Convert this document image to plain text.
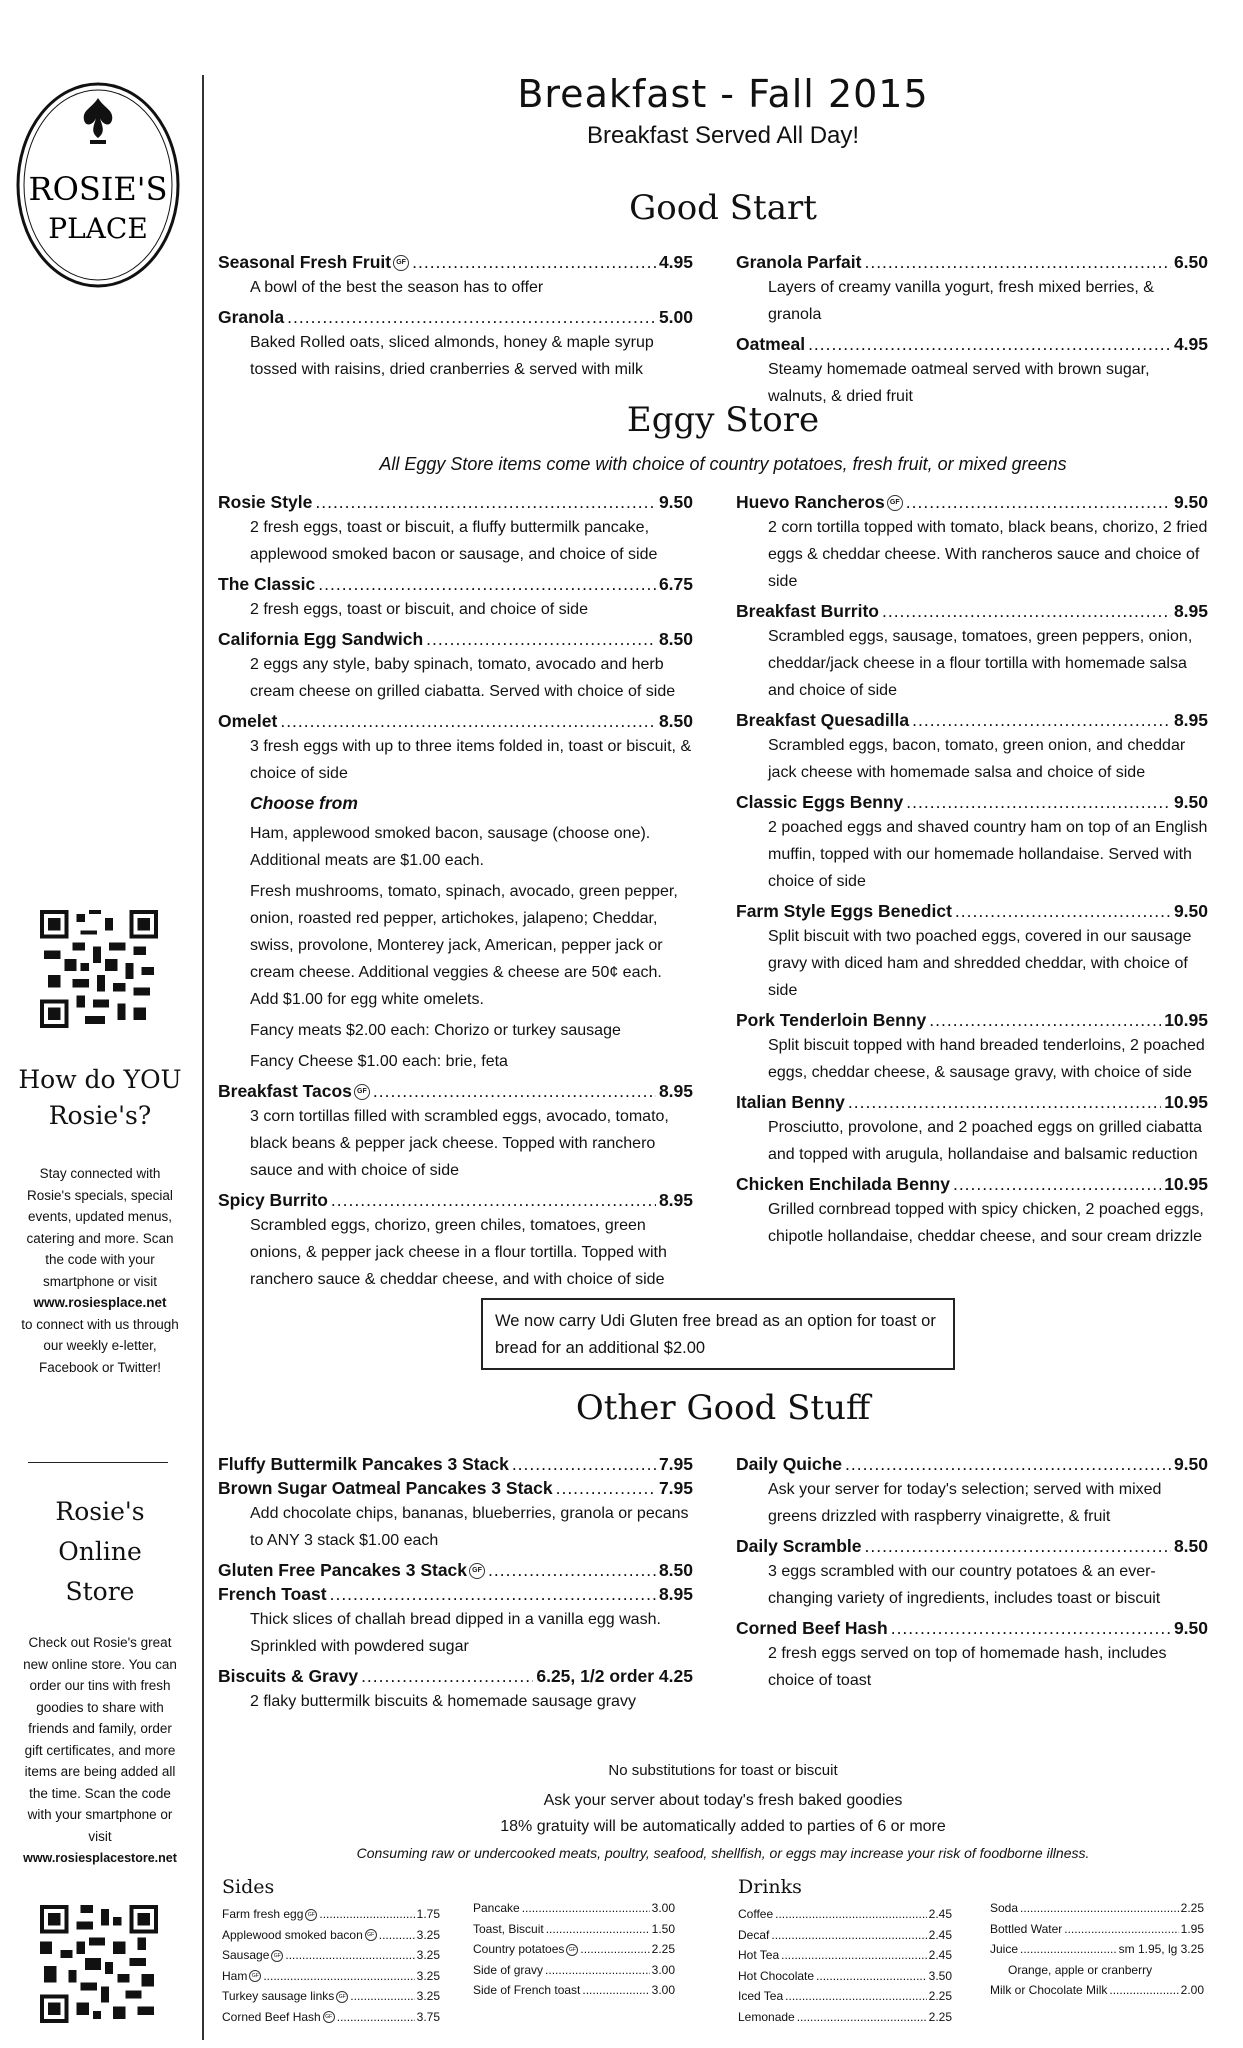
ROSIE'S
PLACE
How do YOU Rosie's?
Stay connected with Rosie's specials, special events, updated menus, catering and more. Scan the code with your smartphone or visit
www.rosiesplace.net
to connect with us through our weekly e-letter, Facebook or Twitter!
Rosie's Online Store
Check out Rosie's great new online store. You can order our tins with fresh goodies to share with friends and family, order gift certificates, and more items are being added all the time. Scan the code with your smartphone or visit
www.rosiesplacestore.net
Breakfast - Fall 2015
Breakfast Served All Day!
Good Start
Seasonal Fresh Fruit GF .....	4.95
A bowl of the best the season has to offer
Granola .....	5.00
Baked Rolled oats, sliced almonds, honey & maple syrup tossed with raisins, dried cranberries & served with milk
Granola Parfait .....	6.50
Layers of creamy vanilla yogurt, fresh mixed berries, & granola
Oatmeal .....	4.95
Steamy homemade oatmeal served with brown sugar, walnuts, & dried fruit
Eggy Store
All Eggy Store items come with choice of country potatoes, fresh fruit, or mixed greens
Rosie Style .....	9.50
2 fresh eggs, toast or biscuit, a fluffy buttermilk pancake, applewood smoked bacon or sausage, and choice of side
The Classic .....	6.75
2 fresh eggs, toast or biscuit, and choice of side
California Egg Sandwich .....	8.50
2 eggs any style, baby spinach, tomato, avocado and herb cream cheese on grilled ciabatta. Served with choice of side
Omelet .....	8.50
3 fresh eggs with up to three items folded in, toast or biscuit, & choice of side
Choose from
Ham, applewood smoked bacon, sausage (choose one). Additional meats are $1.00 each.
Fresh mushrooms, tomato, spinach, avocado, green pepper, onion, roasted red pepper, artichokes, jalapeno; Cheddar, swiss, provolone, Monterey jack, American, pepper jack or cream cheese. Additional veggies & cheese are 50¢ each. Add $1.00 for egg white omelets.
Fancy meats $2.00 each: Chorizo or turkey sausage
Fancy Cheese $1.00 each: brie, feta
Breakfast Tacos GF .....	8.95
3 corn tortillas filled with scrambled eggs, avocado, tomato, black beans & pepper jack cheese. Topped with ranchero sauce and with choice of side
Spicy Burrito .....	8.95
Scrambled eggs, chorizo, green chiles, tomatoes, green onions, & pepper jack cheese in a flour tortilla. Topped with ranchero sauce & cheddar cheese, and with choice of side
Huevo Rancheros GF .....	9.50
2 corn tortilla topped with tomato, black beans, chorizo, 2 fried eggs & cheddar cheese. With rancheros sauce and choice of side
Breakfast Burrito .....	8.95
Scrambled eggs, sausage, tomatoes, green peppers, onion, cheddar/jack cheese in a flour tortilla with homemade salsa and choice of side
Breakfast Quesadilla .....	8.95
Scrambled eggs, bacon, tomato, green onion, and cheddar jack cheese with homemade salsa and choice of side
Classic Eggs Benny .....	9.50
2 poached eggs and shaved country ham on top of an English muffin, topped with our homemade hollandaise. Served with choice of side
Farm Style Eggs Benedict .....	9.50
Split biscuit with two poached eggs, covered in our sausage gravy with diced ham and shredded cheddar, with choice of side
Pork Tenderloin Benny .....	10.95
Split biscuit topped with hand breaded tenderloins, 2 poached eggs, cheddar cheese, & sausage gravy, with choice of side
Italian Benny .....	10.95
Prosciutto, provolone, and 2 poached eggs on grilled ciabatta and topped with arugula, hollandaise and balsamic reduction
Chicken Enchilada Benny .....	10.95
Grilled cornbread topped with spicy chicken, 2 poached eggs, chipotle hollandaise, cheddar cheese, and sour cream drizzle
We now carry Udi Gluten free bread as an option for toast or bread for an additional $2.00
Other Good Stuff
Fluffy Buttermilk Pancakes 3 Stack .....	7.95
Brown Sugar Oatmeal Pancakes 3 Stack .....	7.95
Add chocolate chips, bananas, blueberries, granola or pecans to ANY 3 stack $1.00 each
Gluten Free Pancakes 3 Stack GF .....	8.50
French Toast .....	8.95
Thick slices of challah bread dipped in a vanilla egg wash. Sprinkled with powdered sugar
Biscuits & Gravy .....	6.25, 1/2 order 4.25
2 flaky buttermilk biscuits & homemade sausage gravy
Daily Quiche .....	9.50
Ask your server for today's selection; served with mixed greens drizzled with raspberry vinaigrette, & fruit
Daily Scramble .....	8.50
3 eggs scrambled with our country potatoes & an ever-changing variety of ingredients, includes toast or biscuit
Corned Beef Hash .....	9.50
2 fresh eggs served on top of homemade hash, includes choice of toast
No substitutions for toast or biscuit
Ask your server about today's fresh baked goodies
18% gratuity will be automatically added to parties of 6 or more
Consuming raw or undercooked meats, poultry, seafood, shellfish, or eggs may increase your risk of foodborne illness.
Sides
Farm fresh egg GF .....	1.75
Applewood smoked bacon GF .....	3.25
Sausage GF .....	3.25
Ham GF .....	3.25
Turkey sausage links GF .....	3.25
Corned Beef Hash GF .....	3.75
Pancake .....	3.00
Toast, Biscuit .....	1.50
Country potatoes GF .....	2.25
Side of gravy .....	3.00
Side of French toast .....	3.00
Drinks
Coffee .....	2.45
Decaf .....	2.45
Hot Tea .....	2.45
Hot Chocolate .....	3.50
Iced Tea .....	2.25
Lemonade .....	2.25
Soda .....	2.25
Bottled Water .....	1.95
Juice .....	sm 1.95, lg 3.25
Orange, apple or cranberry
Milk or Chocolate Milk .....	2.00
